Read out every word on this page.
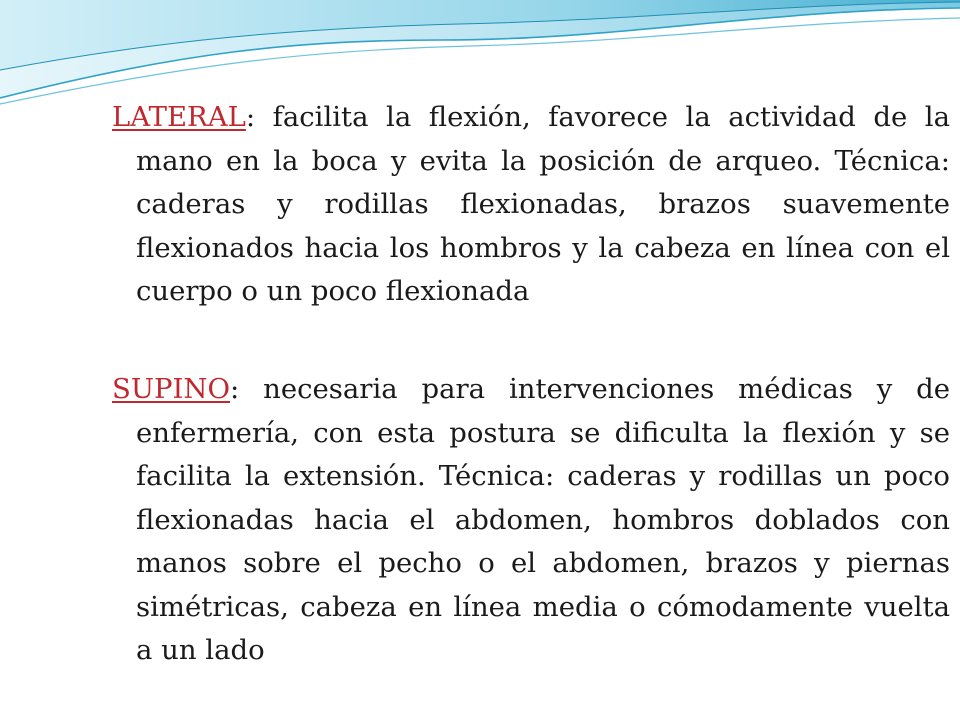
LATERAL: facilita la flexión, favorece la actividad de la mano en la boca y evita la posición de arqueo. Técnica: caderas y rodillas flexionadas, brazos suavemente flexionados hacia los hombros y la cabeza en línea con el cuerpo o un poco flexionada

SUPINO: necesaria para intervenciones médicas y de enfermería, con esta postura se dificulta la flexión y se facilita la extensión. Técnica: caderas y rodillas un poco flexionadas hacia el abdomen, hombros doblados con manos sobre el pecho o el abdomen, brazos y piernas simétricas, cabeza en línea media o cómodamente vuelta a un lado
